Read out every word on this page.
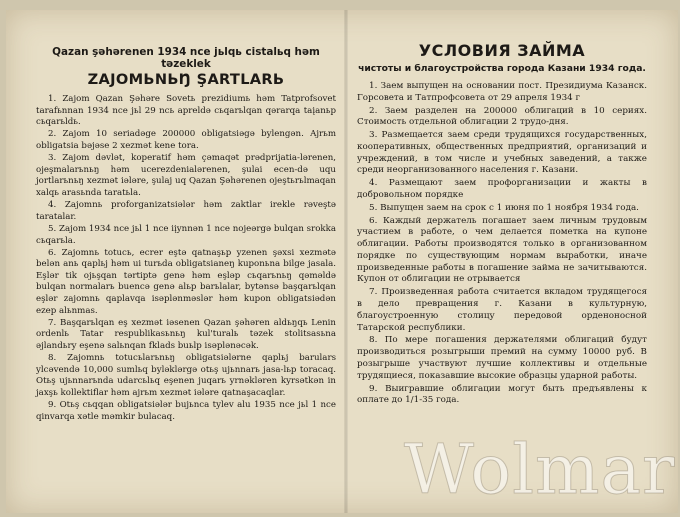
Qazan şəhərenen 1934 nce jьlqь cistalьq həm təzeklek

ZAJOMЬNЬŊ ŞARTLARЬ

1. Zajom Qazan Şəhəre Sovetь prezidiumь həm Tatprofsovet tarafьnnan 1934 nce jьl 29 ncь apreldə сьqarьlqan qərarqa taįanьp сьqarьldь.

2. Zajom 10 seriadəge 200000 obligatsiəgə bylengən. Ajrьm obligatsia bəjəse 2 xezmət kene tora.

3. Zajom dəvlət, koperatif həm çəmaqət prədprijatia-lərenen, ojeşmalarьnьŋ həm ucerezdenialərenen, şulai ecen-də uqu jortlarьnьŋ xezmət iələre, şulaj uq Qazan Şəhərenen ojeştьrьlmaqan xalqь arasьnda taratьla.

4. Zajomnь proforganizatsiələr həm zaktlar irekle rəveştə taratalar.

5. Zajom 1934 nce jьl 1 nce iįynnən 1 nce nojeərgə bulqan srokka сьqarьla.

6. Zajomnь totucь, ecrer eştə qatnaşьp yzenen şəxsi xezmətə belən anь qaplьj həm ui turьdа obligatsianeŋ kuponьna bilge jasala. Eşlər tik ojьşqan tərtiptə genə həm eşləp сьqarьnьŋ qəməldə bulqan normalarь buencə genə alьp barьlalar, bytənsə başqarьlqan eşlər zajomnь qaplavqa isəplənməslər həm kupon obligatsiədən ezep alьnmas.

7. Başqarьlqan eş xezmət iəsenen Qazan şəhəren aldьŋqь Lenin ordenlь Tatar respublikasьnьŋ kul'turalь təzek stolitsasьna əjlandьry eşenə salьnqan fklads buьlp isəplənəcək.

8. Zajomnь totucьlarьnьŋ obligatsiələrne qaplьj barulars ylcəvendə 10,000 sumlьq byləklərgə otьş ujьnnarь jasa-lьp toracaq. Otьş ujьnnarьnda udarcьlьq eşenen juqarь yrnəklərеn kyrsətkən in jaxşь kollektiflar həm ajrьm xezmət iələre qatnaşacaqlar.

9. Otьş сьqqan obligatsiələr bujьnca tylev alu 1935 nce jьl 1 nce qinvarqa xətle məmkir bulacaq.

УСЛОВИЯ ЗАЙМА

чистоты и благоустройства города Казани 1934 года.

1. Заем выпущен на основании пост. Президиума Казанск. Горсовета и Татпрофсовета от 29 апреля 1934 г

2. Заем разделен на 200000 облигаций в 10 сериях. Стоимость отдельной облигации 2 трудо-дня.

3. Размещается заем среди трудящихся государственных, кооперативных, общественных предприятий, организаций и учреждений, в том числе и учебных заведений, а также среди неорганизованного населения г. Казани.

4. Размещают заем профорганизации и жакты в добровольном порядке

5. Выпущен заем на срок с 1 июня по 1 ноября 1934 года.

6. Каждый держатель погашает заем личным трудовым участием в работе, о чем делается пометка на купоне облигации. Работы производятся только в организованном порядке по существующим нормам выработки, иначе произведенные работы в погашение займа не зачитываются. Купон от облигации не отрывается

7. Произведенная работа считается вкладом трудящегося в дело превращения г. Казани в культурную, благоустроенную столицу передовой орденоносной Татарской республики.

8. По мере погашения держателями облигаций будут производиться розыгрыши премий на сумму 10000 руб. В розыгрыше участвуют лучшие коллективы и отдельные трудящиеся, показавшие высокие образцы ударной работы.

9. Выигравшие облигации могут быть предъявлены к оплате до 1/1-35 года.

Wolmar
